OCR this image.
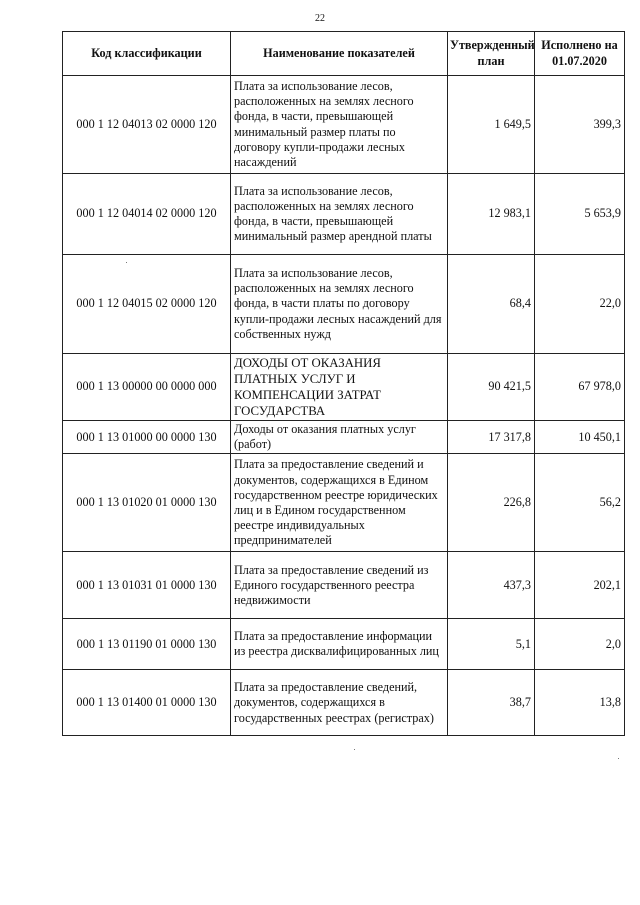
22
Код классификации	Наименование показателей	Утвержденный план	Исполнено на 01.07.2020
000 1 12 04013 02 0000 120	Плата за использование лесов, расположенных на землях лесного фонда, в части, превышающей минимальный размер платы по договору купли-продажи лесных насаждений	1 649,5	399,3
000 1 12 04014 02 0000 120	Плата за использование лесов, расположенных на землях лесного фонда, в части, превышающей минимальный размер арендной платы	12 983,1	5 653,9
000 1 12 04015 02 0000 120	Плата за использование лесов, расположенных на землях лесного фонда, в части платы по договору купли-продажи лесных насаждений для собственных нужд	68,4	22,0
000 1 13 00000 00 0000 000	ДОХОДЫ ОТ ОКАЗАНИЯ ПЛАТНЫХ УСЛУГ И КОМПЕНСАЦИИ ЗАТРАТ ГОСУДАРСТВА	90 421,5	67 978,0
000 1 13 01000 00 0000 130	Доходы от оказания платных услуг (работ)	17 317,8	10 450,1
000 1 13 01020 01 0000 130	Плата за предоставление сведений и документов, содержащихся в Едином государственном реестре юридических лиц и в Едином государственном реестре индивидуальных предпринимателей	226,8	56,2
000 1 13 01031 01 0000 130	Плата за предоставление сведений из Единого государственного реестра недвижимости	437,3	202,1
000 1 13 01190 01 0000 130	Плата за предоставление информации из реестра дисквалифицированных лиц	5,1	2,0
000 1 13 01400 01 0000 130	Плата за предоставление сведений, документов, содержащихся в государственных реестрах (регистрах)	38,7	13,8
